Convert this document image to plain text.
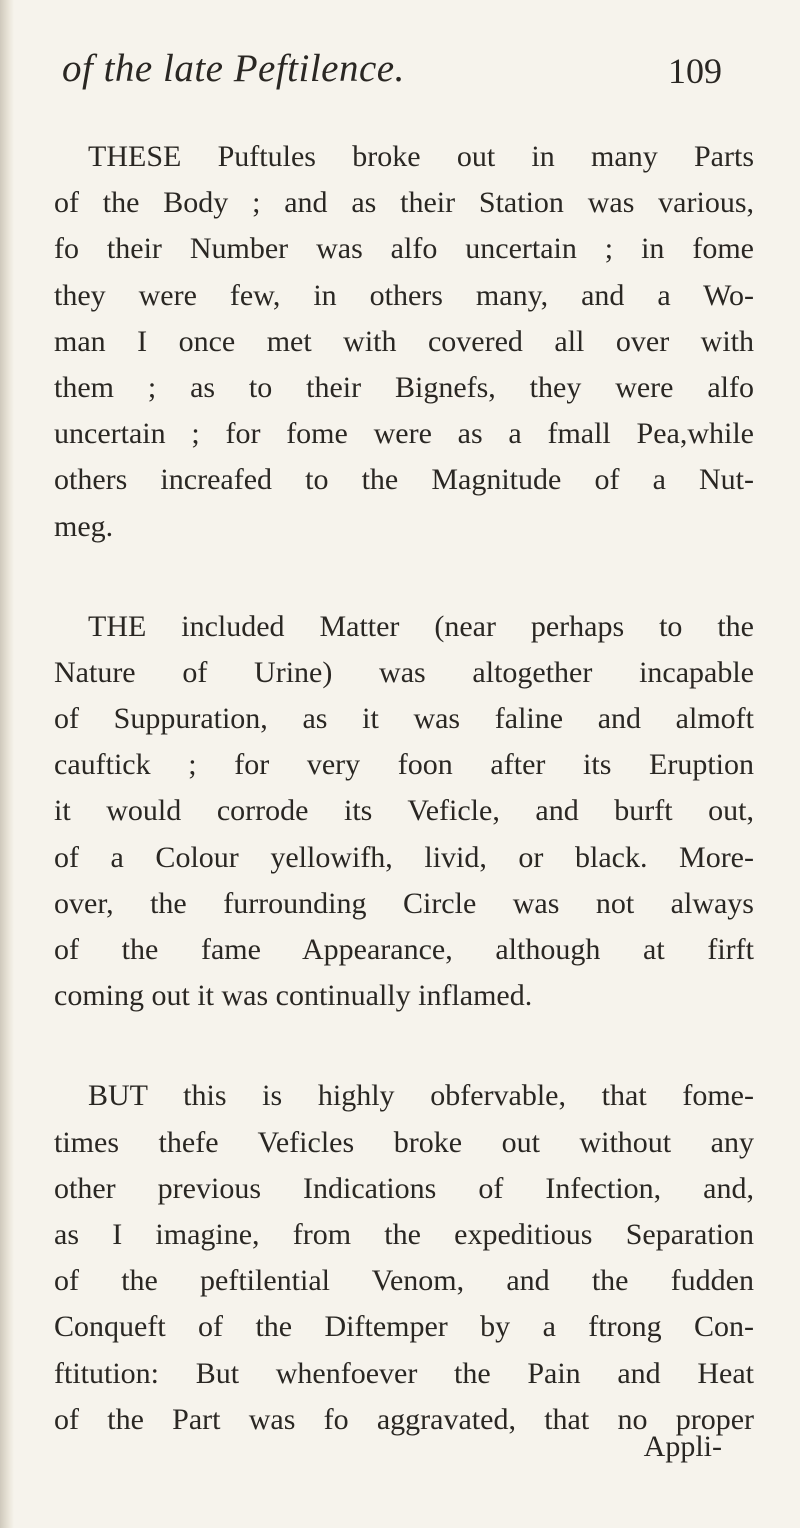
of the late Peftilence.	109

THESE Puftules broke out in many Parts
of the Body ; and as their Station was various,
fo their Number was alfo uncertain ; in fome
they were few, in others many, and a Wo-
man I once met with covered all over with
them ; as to their Bignefs, they were alfo
uncertain ; for fome were as a fmall Pea,while
others increafed to the Magnitude of a Nut-
meg.

THE included Matter (near perhaps to the
Nature of Urine) was altogether incapable
of Suppuration, as it was faline and almoft
cauftick ; for very foon after its Eruption
it would corrode its Veficle, and burft out,
of a Colour yellowifh, livid, or black. More-
over, the furrounding Circle was not always
of the fame Appearance, although at firft
coming out it was continually inflamed.

BUT this is highly obfervable, that fome-
times thefe Veficles broke out without any
other previous Indications of Infection, and,
as I imagine, from the expeditious Separation
of the peftilential Venom, and the fudden
Conqueft of the Diftemper by a ftrong Con-
ftitution: But whenfoever the Pain and Heat
of the Part was fo aggravated, that no proper

Appli-
